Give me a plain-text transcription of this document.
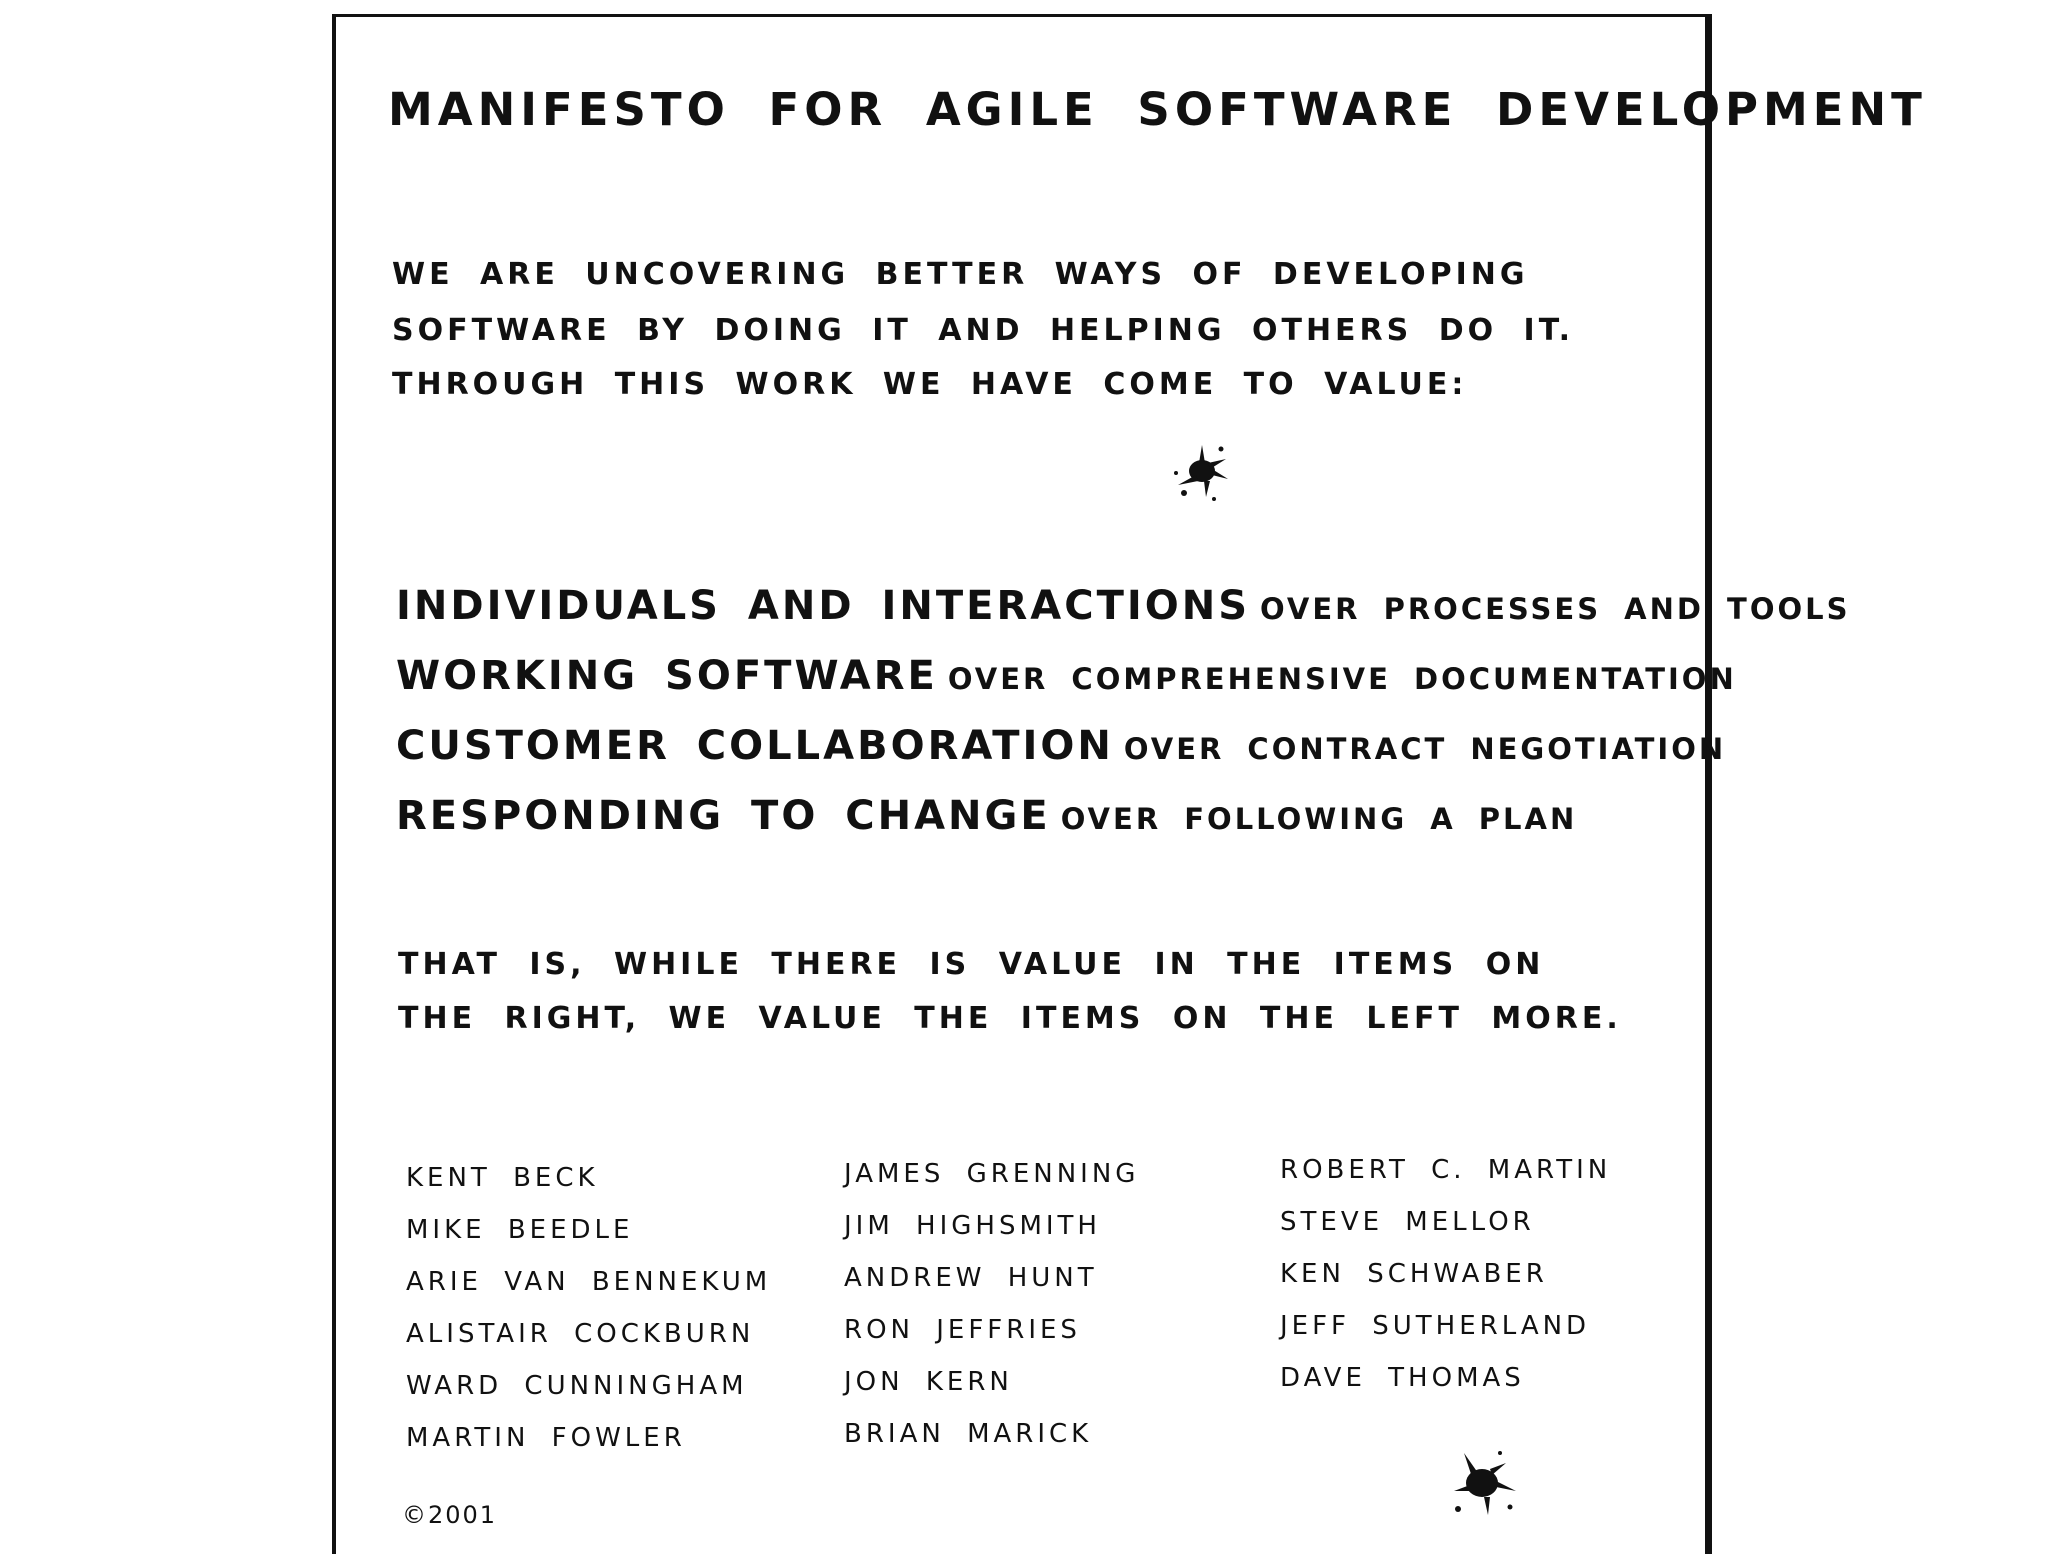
MANIFESTO FOR AGILE SOFTWARE DEVELOPMENT

WE ARE UNCOVERING BETTER WAYS OF DEVELOPING

SOFTWARE BY DOING IT AND HELPING OTHERS DO IT.

THROUGH THIS WORK WE HAVE COME TO VALUE:

INDIVIDUALS AND INTERACTIONS OVER PROCESSES AND TOOLS

WORKING SOFTWARE OVER COMPREHENSIVE DOCUMENTATION

CUSTOMER COLLABORATION OVER CONTRACT NEGOTIATION

RESPONDING TO CHANGE OVER FOLLOWING A PLAN

THAT IS, WHILE THERE IS VALUE IN THE ITEMS ON

THE RIGHT, WE VALUE THE ITEMS ON THE LEFT MORE.

KENT BECK

MIKE BEEDLE

ARIE VAN BENNEKUM

ALISTAIR COCKBURN

WARD CUNNINGHAM

MARTIN FOWLER

JAMES GRENNING

JIM HIGHSMITH

ANDREW HUNT

RON JEFFRIES

JON KERN

BRIAN MARICK

ROBERT C. MARTIN

STEVE MELLOR

KEN SCHWABER

JEFF SUTHERLAND

DAVE THOMAS

©2001
